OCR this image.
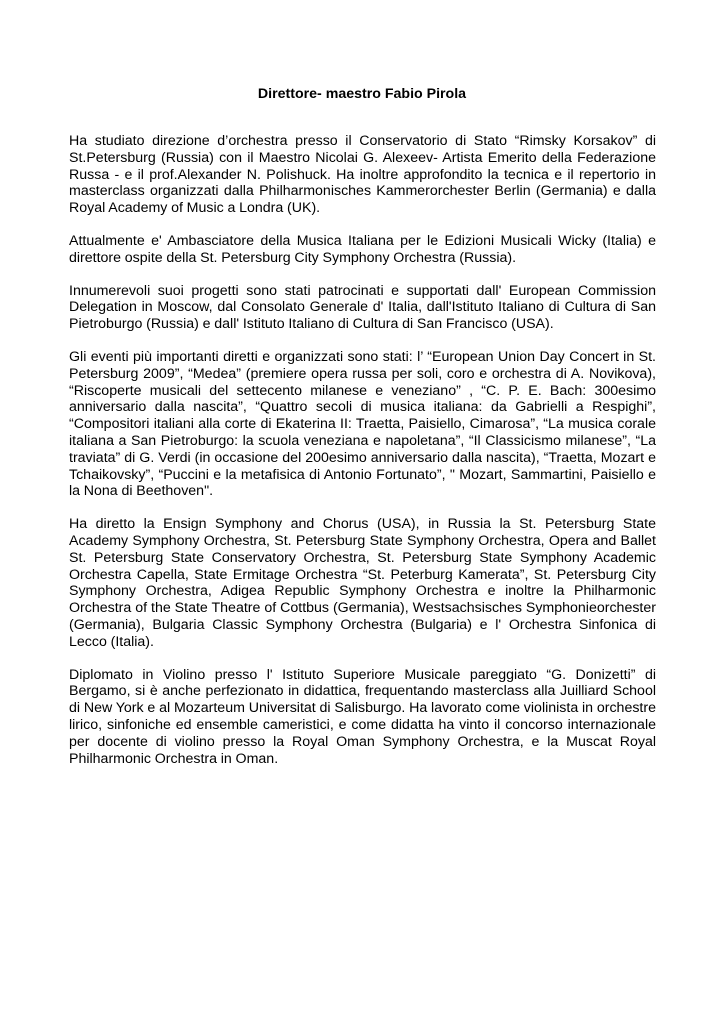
Direttore- maestro Fabio Pirola

Ha studiato direzione d’orchestra presso il Conservatorio di Stato “Rimsky Korsakov” di St.Petersburg (Russia) con il Maestro Nicolai G. Alexeev- Artista Emerito della Federazione Russa - e il prof.Alexander N. Polishuck. Ha inoltre approfondito la tecnica e il repertorio in masterclass organizzati dalla Philharmonisches Kammerorchester Berlin (Germania) e dalla Royal Academy of Music a Londra (UK).

Attualmente e' Ambasciatore della Musica Italiana per le Edizioni Musicali Wicky (Italia) e direttore ospite della St. Petersburg City Symphony Orchestra (Russia).

Innumerevoli suoi progetti sono stati patrocinati e supportati dall' European Commission Delegation in Moscow, dal Consolato Generale d' Italia, dall'Istituto Italiano di Cultura di San Pietroburgo (Russia) e dall' Istituto Italiano di Cultura di San Francisco (USA).

Gli eventi più importanti diretti e organizzati sono stati: l’ “European Union Day Concert in St. Petersburg 2009”, “Medea” (premiere opera russa per soli, coro e orchestra di A. Novikova), “Riscoperte musicali del settecento milanese e veneziano” , “C. P. E. Bach: 300esimo anniversario dalla nascita”, “Quattro secoli di musica italiana: da Gabrielli a Respighi”, “Compositori italiani alla corte di Ekaterina II: Traetta, Paisiello, Cimarosa”, “La musica corale italiana a San Pietroburgo: la scuola veneziana e napoletana”, “Il Classicismo milanese”, “La traviata” di G. Verdi (in occasione del 200esimo anniversario dalla nascita), “Traetta, Mozart e Tchaikovsky”, “Puccini e la metafisica di Antonio Fortunato”, " Mozart, Sammartini, Paisiello e la Nona di Beethoven".

Ha diretto la Ensign Symphony and Chorus (USA), in Russia la St. Petersburg State Academy Symphony Orchestra, St. Petersburg State Symphony Orchestra, Opera and Ballet St. Petersburg State Conservatory Orchestra, St. Petersburg State Symphony Academic Orchestra Capella, State Ermitage Orchestra “St. Peterburg Kamerata”, St. Petersburg City Symphony Orchestra, Adigea Republic Symphony Orchestra e inoltre la Philharmonic Orchestra of the State Theatre of Cottbus (Germania), Westsachsisches Symphonieorchester (Germania), Bulgaria Classic Symphony Orchestra (Bulgaria) e l' Orchestra Sinfonica di Lecco (Italia).

Diplomato in Violino presso l' Istituto Superiore Musicale pareggiato “G. Donizetti” di Bergamo, si è anche perfezionato in didattica, frequentando masterclass alla Juilliard School di New York e al Mozarteum Universitat di Salisburgo. Ha lavorato come violinista in orchestre lirico, sinfoniche ed ensemble cameristici, e come didatta ha vinto il concorso internazionale per docente di violino presso la Royal Oman Symphony Orchestra, e la Muscat Royal Philharmonic Orchestra in Oman.
